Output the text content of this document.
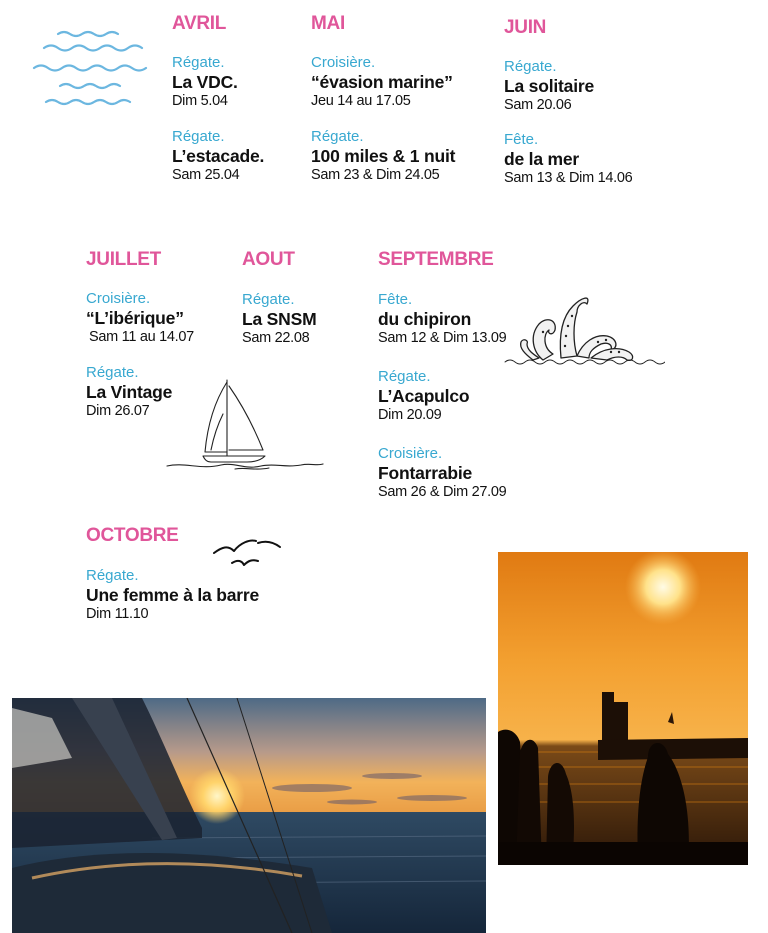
AVRIL	MAI	JUIN
JUILLET	AOUT	SEPTEMBRE
OCTOBRE
Régate.
La VDC.
Dim 5.04
Régate.
L’estacade.
Sam 25.04
Croisière.
“évasion marine”
Jeu 14 au 17.05
Régate.
100 miles & 1 nuit
Sam 23 & Dim 24.05
Régate.
La solitaire
Sam 20.06
Fête.
de la mer
Sam 13 & Dim 14.06
Croisière.
“L’ibérique”
Sam 11 au 14.07
Régate.
La Vintage
Dim 26.07
Régate.
La SNSM
Sam 22.08
Fête.
du chipiron
Sam 12 & Dim 13.09
Régate.
L’Acapulco
Dim 20.09
Croisière.
Fontarrabie
Sam 26 & Dim 27.09
Régate.
Une femme à la barre
Dim 11.10
